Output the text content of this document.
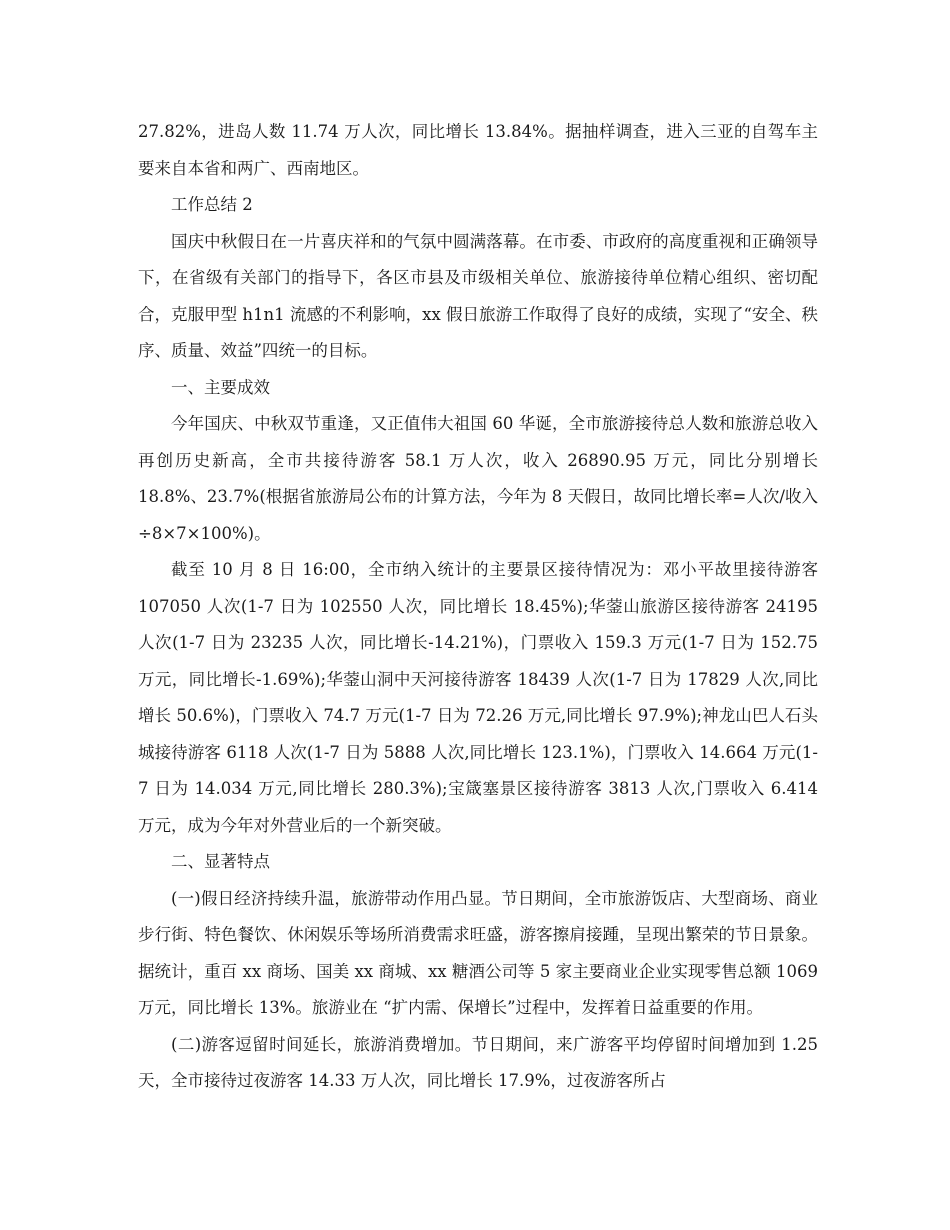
27.82%，进岛人数 11.74 万人次，同比增长 13.84%。据抽样调查，进入三亚的自驾车主要来自本省和两广、西南地区。

工作总结 2

国庆中秋假日在一片喜庆祥和的气氛中圆满落幕。在市委、市政府的高度重视和正确领导下，在省级有关部门的指导下，各区市县及市级相关单位、旅游接待单位精心组织、密切配合，克服甲型 h1n1 流感的不利影响，xx 假日旅游工作取得了良好的成绩，实现了“安全、秩序、质量、效益”四统一的目标。

一、主要成效

今年国庆、中秋双节重逢，又正值伟大祖国 60 华诞，全市旅游接待总人数和旅游总收入再创历史新高，全市共接待游客 58.1 万人次，收入 26890.95 万元，同比分别增长 18.8%、23.7%(根据省旅游局公布的计算方法，今年为 8 天假日，故同比增长率=人次/收入÷8×7×100%)。

截至 10 月 8 日 16:00，全市纳入统计的主要景区接待情况为：邓小平故里接待游客 107050 人次(1-7 日为 102550 人次，同比增长 18.45%);华蓥山旅游区接待游客 24195 人次(1-7 日为 23235 人次，同比增长-14.21%)，门票收入 159.3 万元(1-7 日为 152.75 万元，同比增长-1.69%);华蓥山洞中天河接待游客 18439 人次(1-7 日为 17829 人次,同比增长 50.6%)，门票收入 74.7 万元(1-7 日为 72.26 万元,同比增长 97.9%);神龙山巴人石头城接待游客 6118 人次(1-7 日为 5888 人次,同比增长 123.1%)，门票收入 14.664 万元(1-7 日为 14.034 万元,同比增长 280.3%);宝箴塞景区接待游客 3813 人次,门票收入 6.414 万元，成为今年对外营业后的一个新突破。

二、显著特点

(一)假日经济持续升温，旅游带动作用凸显。节日期间，全市旅游饭店、大型商场、商业步行街、特色餐饮、休闲娱乐等场所消费需求旺盛，游客擦肩接踵，呈现出繁荣的节日景象。据统计，重百 xx 商场、国美 xx 商城、xx 糖酒公司等 5 家主要商业企业实现零售总额 1069 万元，同比增长 13%。旅游业在 “扩内需、保增长”过程中，发挥着日益重要的作用。

(二)游客逗留时间延长，旅游消费增加。节日期间，来广游客平均停留时间增加到 1.25 天，全市接待过夜游客 14.33 万人次，同比增长 17.9%，过夜游客所占
